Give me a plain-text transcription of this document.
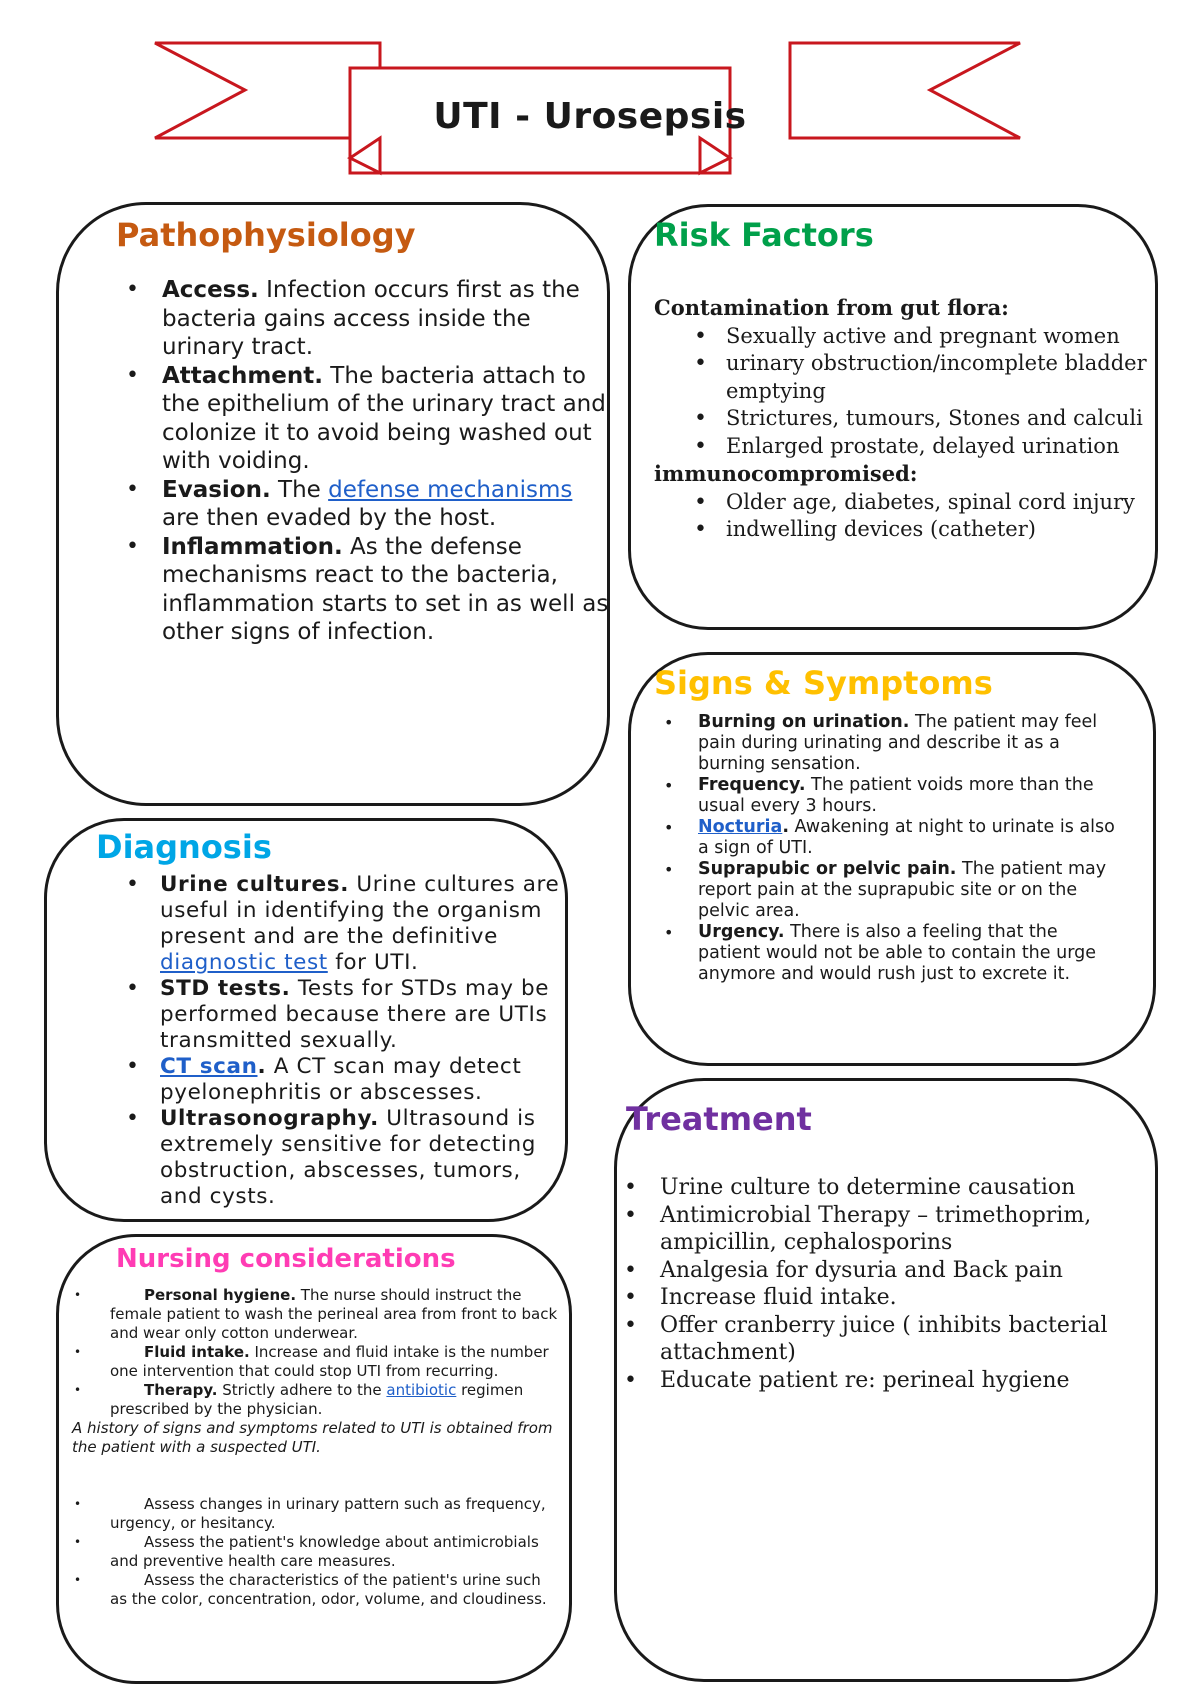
UTI - Urosepsis
Pathophysiology
• Access. Infection occurs first as the bacteria gains access inside the urinary tract.
• Attachment. The bacteria attach to the epithelium of the urinary tract and colonize it to avoid being washed out with voiding.
• Evasion. The defense mechanisms are then evaded by the host.
• Inflammation. As the defense mechanisms react to the bacteria, inflammation starts to set in as well as other signs of infection.
Risk Factors
Contamination from gut flora:
• Sexually active and pregnant women
• urinary obstruction/incomplete bladder emptying
• Strictures, tumours, Stones and calculi
• Enlarged prostate, delayed urination
immunocompromised:
• Older age, diabetes, spinal cord injury
• indwelling devices (catheter)
Signs & Symptoms
• Burning on urination. The patient may feel pain during urinating and describe it as a burning sensation.
• Frequency. The patient voids more than the usual every 3 hours.
• Nocturia. Awakening at night to urinate is also a sign of UTI.
• Suprapubic or pelvic pain. The patient may report pain at the suprapubic site or on the pelvic area.
• Urgency. There is also a feeling that the patient would not be able to contain the urge anymore and would rush just to excrete it.
Diagnosis
• Urine cultures. Urine cultures are useful in identifying the organism present and are the definitive diagnostic test for UTI.
• STD tests. Tests for STDs may be performed because there are UTIs transmitted sexually.
• CT scan. A CT scan may detect pyelonephritis or abscesses.
• Ultrasonography. Ultrasound is extremely sensitive for detecting obstruction, abscesses, tumors, and cysts.
Treatment
• Urine culture to determine causation
• Antimicrobial Therapy – trimethoprim, ampicillin, cephalosporins
• Analgesia for dysuria and Back pain
• Increase fluid intake.
• Offer cranberry juice ( inhibits bacterial attachment)
• Educate patient re: perineal hygiene
Nursing considerations
• Personal hygiene. The nurse should instruct the female patient to wash the perineal area from front to back and wear only cotton underwear.
• Fluid intake. Increase and fluid intake is the number one intervention that could stop UTI from recurring.
• Therapy. Strictly adhere to the antibiotic regimen prescribed by the physician.
A history of signs and symptoms related to UTI is obtained from the patient with a suspected UTI.
• Assess changes in urinary pattern such as frequency, urgency, or hesitancy.
• Assess the patient's knowledge about antimicrobials and preventive health care measures.
• Assess the characteristics of the patient's urine such as the color, concentration, odor, volume, and cloudiness.
